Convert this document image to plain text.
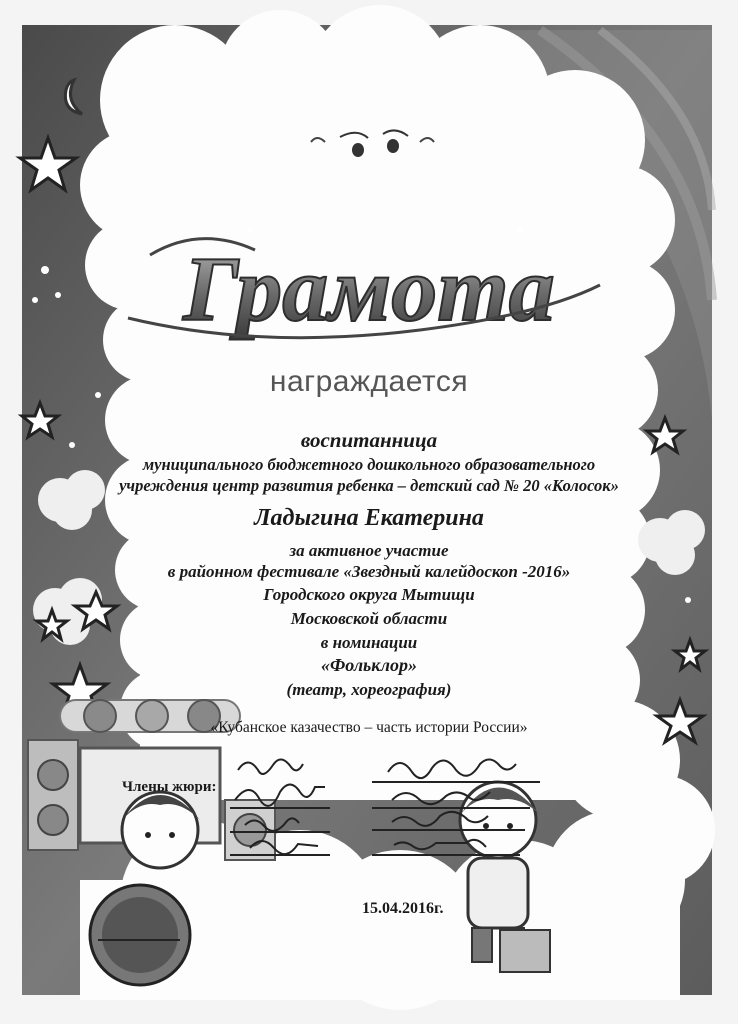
Грамота
награждается
воспитанница
муниципального бюджетного дошкольного образовательного
учреждения центр развития ребенка – детский сад № 20 «Колосок»
Ладыгина Екатерина
за активное участие
в районном фестивале «Звездный калейдоскоп -2016»
Городского округа Мытищи
Московской области
в номинации
«Фольклор»
(театр, хореография)
«Кубанское казачество – часть истории России»
Члены жюри:
15.04.2016г.
